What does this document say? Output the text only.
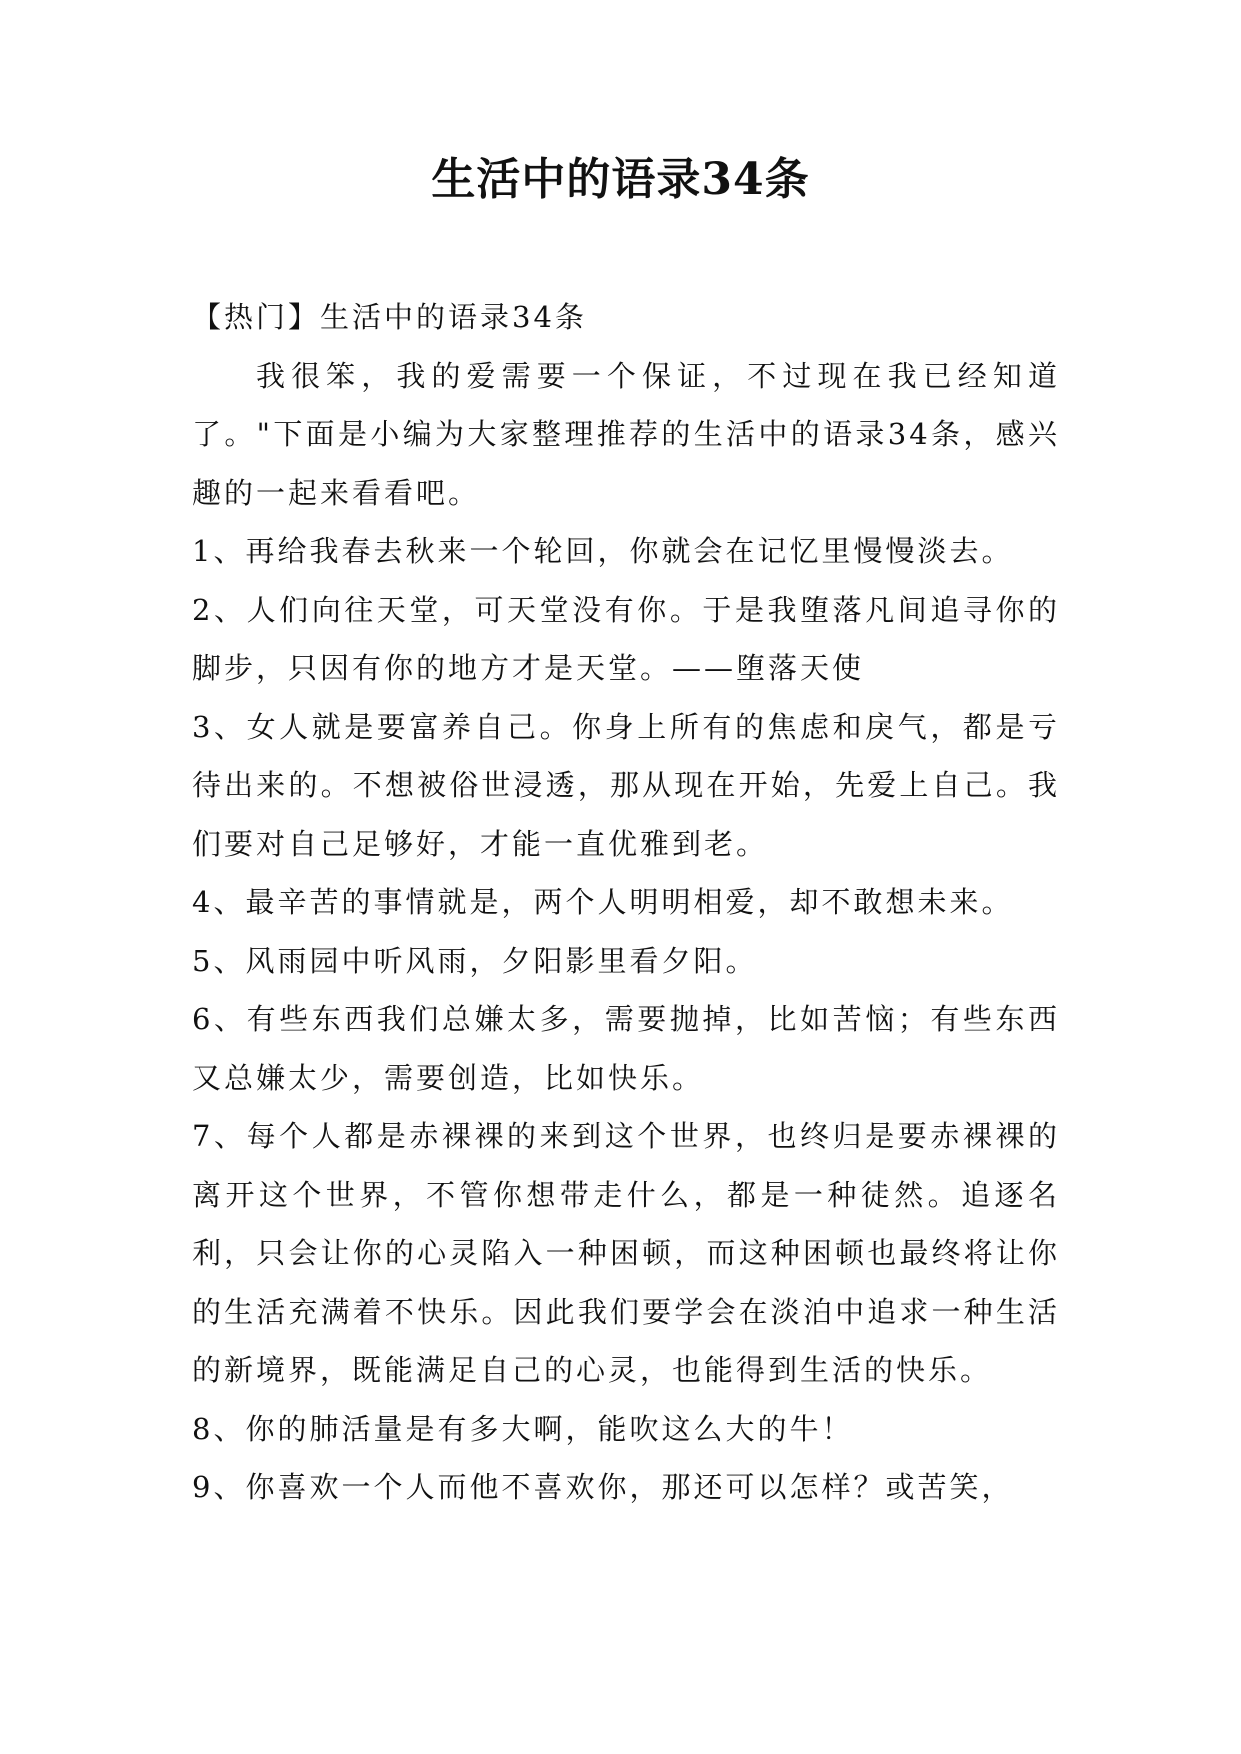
生活中的语录34条

【热门】生活中的语录34条

我很笨，我的爱需要一个保证，不过现在我已经知道了。"下面是小编为大家整理推荐的生活中的语录34条，感兴趣的一起来看看吧。

1、再给我春去秋来一个轮回，你就会在记忆里慢慢淡去。

2、人们向往天堂，可天堂没有你。于是我堕落凡间追寻你的脚步，只因有你的地方才是天堂。——堕落天使

3、女人就是要富养自己。你身上所有的焦虑和戾气，都是亏待出来的。不想被俗世浸透，那从现在开始，先爱上自己。我们要对自己足够好，才能一直优雅到老。

4、最辛苦的事情就是，两个人明明相爱，却不敢想未来。

5、风雨园中听风雨，夕阳影里看夕阳。

6、有些东西我们总嫌太多，需要抛掉，比如苦恼；有些东西又总嫌太少，需要创造，比如快乐。

7、每个人都是赤裸裸的来到这个世界，也终归是要赤裸裸的离开这个世界，不管你想带走什么，都是一种徒然。追逐名利，只会让你的心灵陷入一种困顿，而这种困顿也最终将让你的生活充满着不快乐。因此我们要学会在淡泊中追求一种生活的新境界，既能满足自己的心灵，也能得到生活的快乐。

8、你的肺活量是有多大啊，能吹这么大的牛！

9、你喜欢一个人而他不喜欢你，那还可以怎样？或苦笑，
